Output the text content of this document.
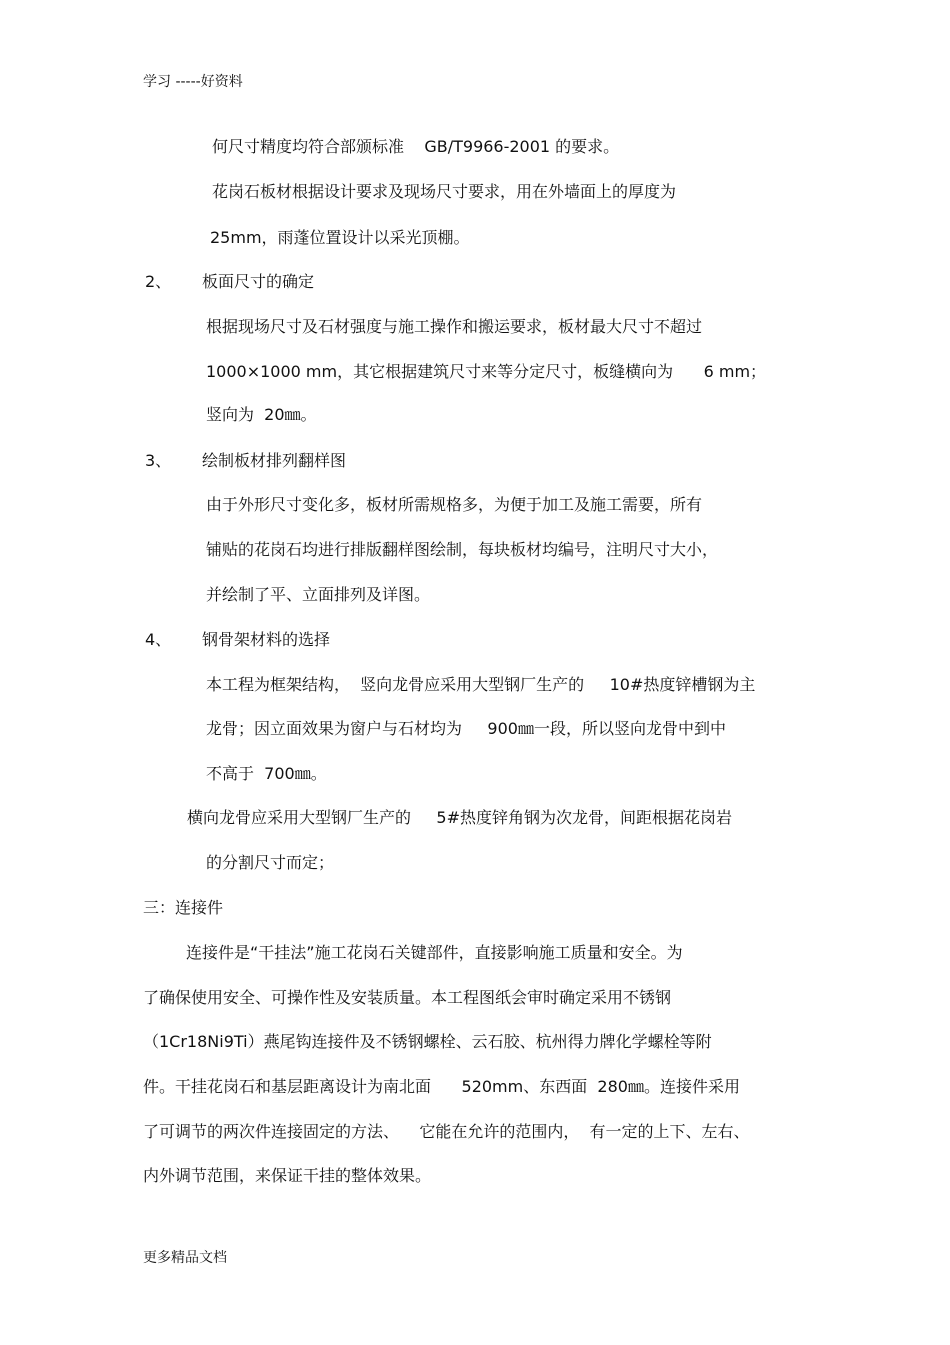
学习 -----好资料
何尺寸精度均符合部颁标准    GB/T9966-2001 的要求。
花岗石板材根据设计要求及现场尺寸要求，用在外墙面上的厚度为
25mm，雨蓬位置设计以采光顶棚。
2、 板面尺寸的确定
根据现场尺寸及石材强度与施工操作和搬运要求，板材最大尺寸不超过
1000×1000 mm，其它根据建筑尺寸来等分定尺寸，板缝横向为      6 mm；
竖向为  20㎜。
3、 绘制板材排列翻样图
由于外形尺寸变化多，板材所需规格多，为便于加工及施工需要，所有
铺贴的花岗石均进行排版翻样图绘制，每块板材均编号，注明尺寸大小，
并绘制了平、立面排列及详图。
4、 钢骨架材料的选择
本工程为框架结构，  竖向龙骨应采用大型钢厂生产的     10#热度锌槽钢为主
龙骨；因立面效果为窗户与石材均为     900㎜一段，所以竖向龙骨中到中
不高于  700㎜。
横向龙骨应采用大型钢厂生产的     5#热度锌角钢为次龙骨，间距根据花岗岩
的分割尺寸而定；
三：连接件
连接件是“干挂法”施工花岗石关键部件，直接影响施工质量和安全。为
了确保使用安全、可操作性及安装质量。本工程图纸会审时确定采用不锈钢
（1Cr18Ni9Ti）燕尾钩连接件及不锈钢螺栓、云石胶、杭州得力牌化学螺栓等附
件。干挂花岗石和基层距离设计为南北面      520mm、东西面  280㎜。连接件采用
了可调节的两次件连接固定的方法、    它能在允许的范围内，  有一定的上下、左右、
内外调节范围，来保证干挂的整体效果。
更多精品文档
